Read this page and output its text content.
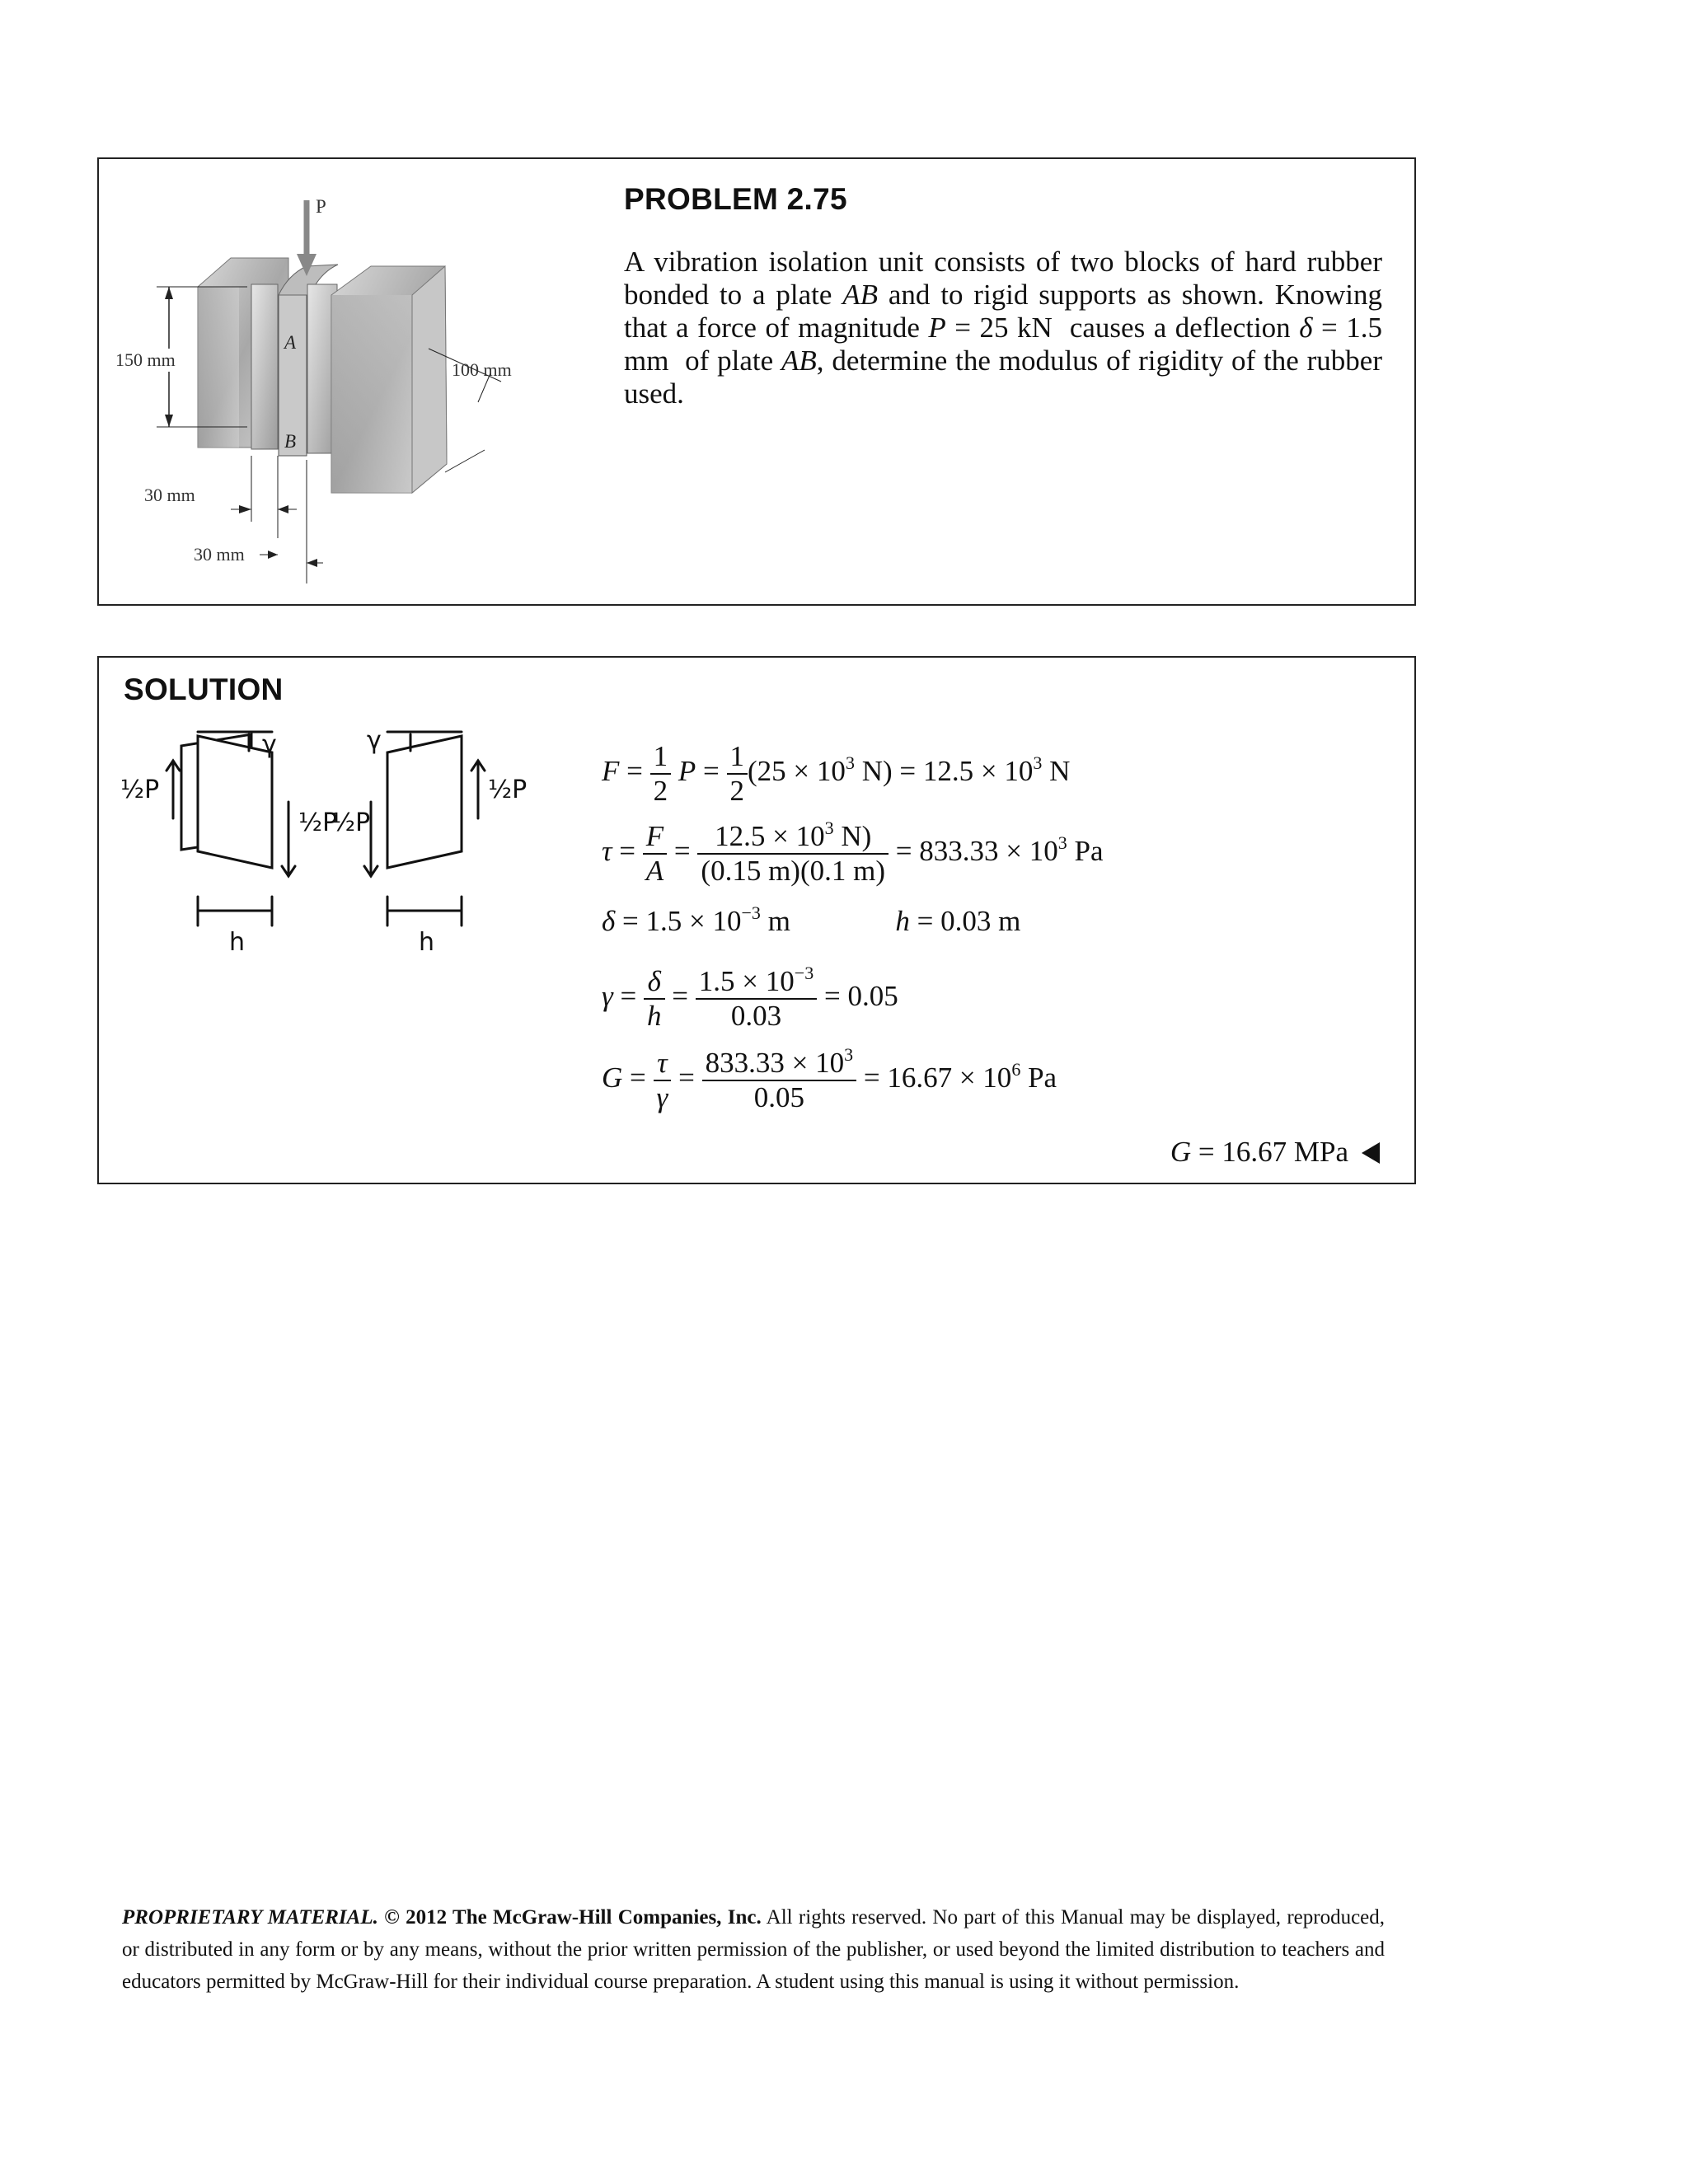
P
A
B
150 mm	100 mm
30 mm
30 mm
PROBLEM 2.75
A vibration isolation unit consists of two blocks of hard rubber bonded to a plate AB and to rigid supports as shown. Knowing that a force of magnitude P = 25 kN  causes a deflection δ = 1.5 mm  of plate AB, determine the modulus of rigidity of the rubber used.
SOLUTION
½P
½P
½P
½P
γ	γ
h	h
$F = \frac{1}{2}$ $P = \frac{1}{2} (25 \times 10^3$ $N) = 12.5 \times 10^3$ N
$\tau = \frac{F}{A} = \frac{12.5 \times 10^3 N)}{(0.15 m)(0.1 m)} = 833.33 \times 10^3$ Pa
$\delta = 1.5 \times 10^{-3}$ m	h = 0.03 m
$\gamma = \frac{\delta}{h} = \frac{1.5 \times 10^{-3}}{0.03} = 0.05$
$G = \frac{\tau}{\gamma} = \frac{833.33 \times 10^3}{0.05} = 16.67 \times 10^6$ Pa
G = 16.67 MPa
PROPRIETARY MATERIAL. © 2012 The McGraw-Hill Companies, Inc. All rights reserved. No part of this Manual may be displayed, reproduced, or distributed in any form or by any means, without the prior written permission of the publisher, or used beyond the limited distribution to teachers and educators permitted by McGraw-Hill for their individual course preparation. A student using this manual is using it without permission.
